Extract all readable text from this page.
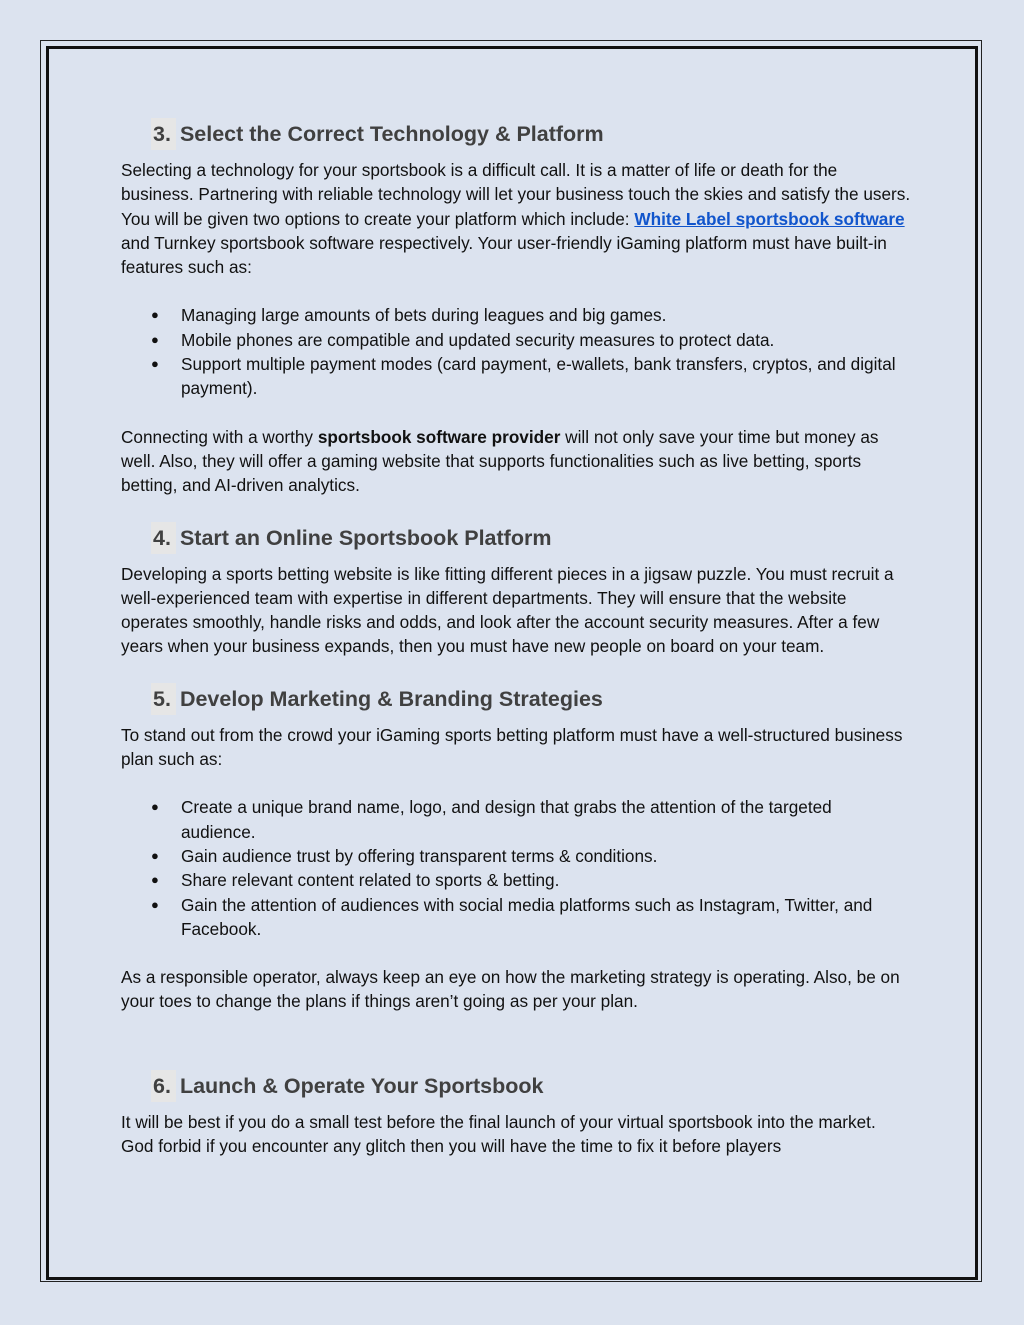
3. Select the Correct Technology & Platform

Selecting a technology for your sportsbook is a difficult call. It is a matter of life or death for the business. Partnering with reliable technology will let your business touch the skies and satisfy the users. You will be given two options to create your platform which include: White Label sportsbook software and Turnkey sportsbook software respectively. Your user-friendly iGaming platform must have built-in features such as:

● Managing large amounts of bets during leagues and big games.
● Mobile phones are compatible and updated security measures to protect data.
● Support multiple payment modes (card payment, e-wallets, bank transfers, cryptos, and digital payment).

Connecting with a worthy sportsbook software provider will not only save your time but money as well. Also, they will offer a gaming website that supports functionalities such as live betting, sports betting, and AI-driven analytics.

4. Start an Online Sportsbook Platform

Developing a sports betting website is like fitting different pieces in a jigsaw puzzle. You must recruit a well-experienced team with expertise in different departments. They will ensure that the website operates smoothly, handle risks and odds, and look after the account security measures. After a few years when your business expands, then you must have new people on board on your team.

5. Develop Marketing & Branding Strategies

To stand out from the crowd your iGaming sports betting platform must have a well-structured business plan such as:

● Create a unique brand name, logo, and design that grabs the attention of the targeted audience.
● Gain audience trust by offering transparent terms & conditions.
● Share relevant content related to sports & betting.
● Gain the attention of audiences with social media platforms such as Instagram, Twitter, and Facebook.

As a responsible operator, always keep an eye on how the marketing strategy is operating. Also, be on your toes to change the plans if things aren’t going as per your plan.

6. Launch & Operate Your Sportsbook

It will be best if you do a small test before the final launch of your virtual sportsbook into the market. God forbid if you encounter any glitch then you will have the time to fix it before players
